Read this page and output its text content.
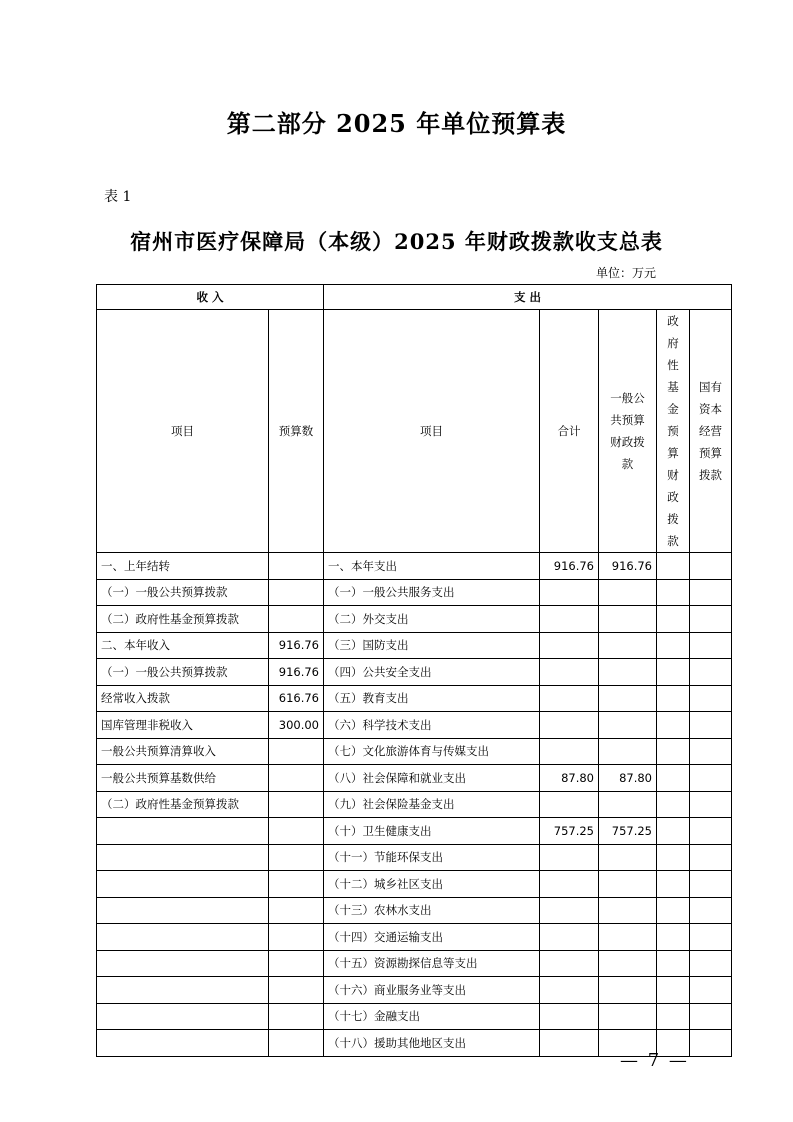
第二部分 2025 年单位预算表
表 1
宿州市医疗保障局（本级）2025 年财政拨款收支总表
单位：万元
收 入		支 出				
项目	预算数	项目	合计	一般公共预算财政拨款	政府性基金预算财政拨款	国有资本经营预算拨款
一、上年结转		一、本年支出	916.76	916.76		
（一）一般公共预算拨款		（一）一般公共服务支出				
（二）政府性基金预算拨款		（二）外交支出				
二、本年收入	916.76	（三）国防支出				
（一）一般公共预算拨款	916.76	（四）公共安全支出				
经常收入拨款	616.76	（五）教育支出				
国库管理非税收入	300.00	（六）科学技术支出				
一般公共预算清算收入		（七）文化旅游体育与传媒支出				
一般公共预算基数供给		（八）社会保障和就业支出	87.80	87.80		
（二）政府性基金预算拨款		（九）社会保险基金支出				
		（十）卫生健康支出	757.25	757.25		
		（十一）节能环保支出				
		（十二）城乡社区支出				
		（十三）农林水支出				
		（十四）交通运输支出				
		（十五）资源勘探信息等支出				
		（十六）商业服务业等支出				
		（十七）金融支出				
		（十八）援助其他地区支出				
— 7 —
